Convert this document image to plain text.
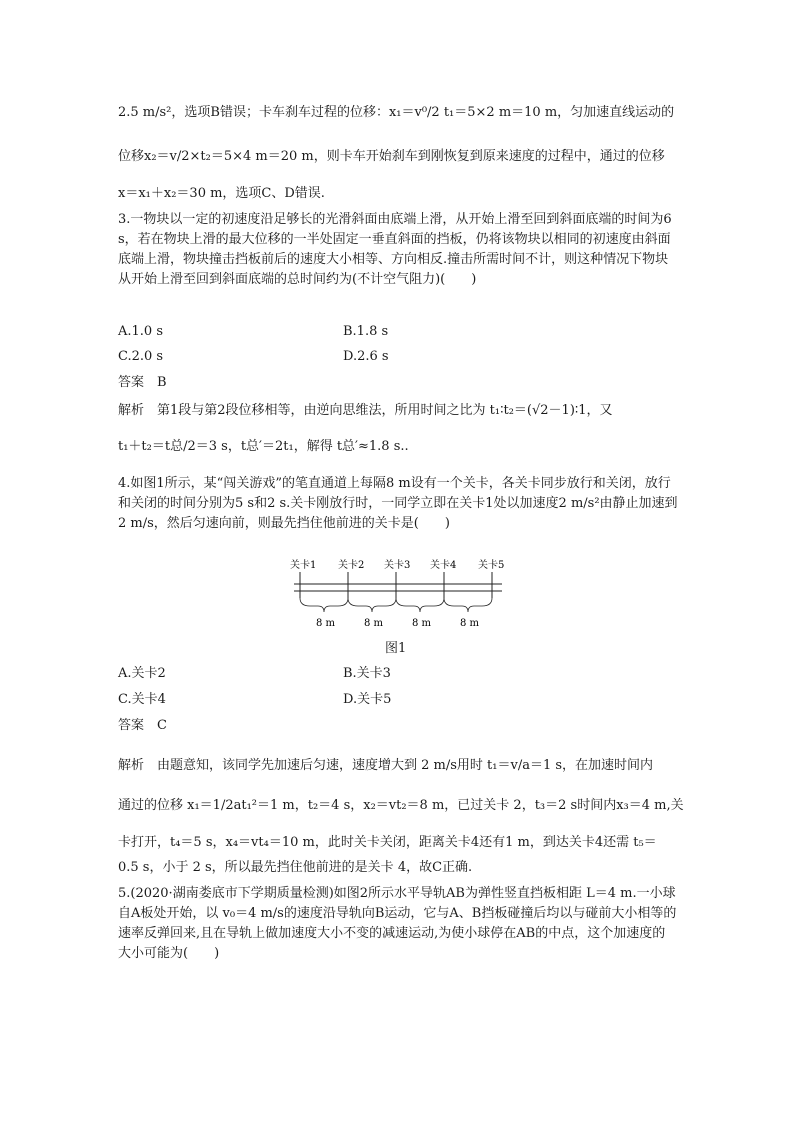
2.5 m/s²，选项B错误；卡车刹车过程的位移：x₁＝v⁰/2 t₁＝5×2 m＝10 m，匀加速直线运动的
位移x₂＝v/2×t₂＝5×4 m＝20 m，则卡车开始刹车到刚恢复到原来速度的过程中，通过的位移
x＝x₁＋x₂＝30 m，选项C、D错误.
3.一物块以一定的初速度沿足够长的光滑斜面由底端上滑，从开始上滑至回到斜面底端的时间为6 s，若在物块上滑的最大位移的一半处固定一垂直斜面的挡板，仍将该物块以相同的初速度由斜面底端上滑，物块撞击挡板前后的速度大小相等、方向相反.撞击所需时间不计，则这种情况下物块从开始上滑至回到斜面底端的总时间约为(不计空气阻力)(　　)
A.1.0 s	B.1.8 s
C.2.0 s	D.2.6 s
答案　B
解析　第1段与第2段位移相等，由逆向思维法，所用时间之比为 t₁∶t₂＝(√2－1)∶1，又
t₁＋t₂＝t总/2＝3 s，t总′＝2t₁，解得 t总′≈1.8 s..
4.如图1所示，某“闯关游戏”的笔直通道上每隔8 m设有一个关卡，各关卡同步放行和关闭，放行和关闭的时间分别为5 s和2 s.关卡刚放行时，一同学立即在关卡1处以加速度2 m/s²由静止加速到2 m/s，然后匀速向前，则最先挡住他前进的关卡是(　　)
关卡1 关卡2 关卡3 关卡4 关卡5
8 m	8 m	8 m	8 m
图1
A.关卡2	B.关卡3
C.关卡4	D.关卡5
答案　C
解析　由题意知，该同学先加速后匀速，速度增大到 2 m/s用时 t₁＝v/a＝1 s，在加速时间内
通过的位移 x₁＝1/2at₁²＝1 m，t₂＝4 s，x₂＝vt₂＝8 m，已过关卡 2，t₃＝2 s时间内x₃＝4 m,关
卡打开，t₄＝5 s，x₄＝vt₄＝10 m，此时关卡关闭，距离关卡4还有1 m，到达关卡4还需 t₅＝
0.5 s，小于 2 s，所以最先挡住他前进的是关卡 4，故C正确.
5.(2020·湖南娄底市下学期质量检测)如图2所示水平导轨AB为弹性竖直挡板相距 L＝4 m.一小球自A板处开始，以 v₀＝4 m/s的速度沿导轨向B运动，它与A、B挡板碰撞后均以与碰前大小相等的速率反弹回来,且在导轨上做加速度大小不变的减速运动,为使小球停在AB的中点，这个加速度的大小可能为(　　)
